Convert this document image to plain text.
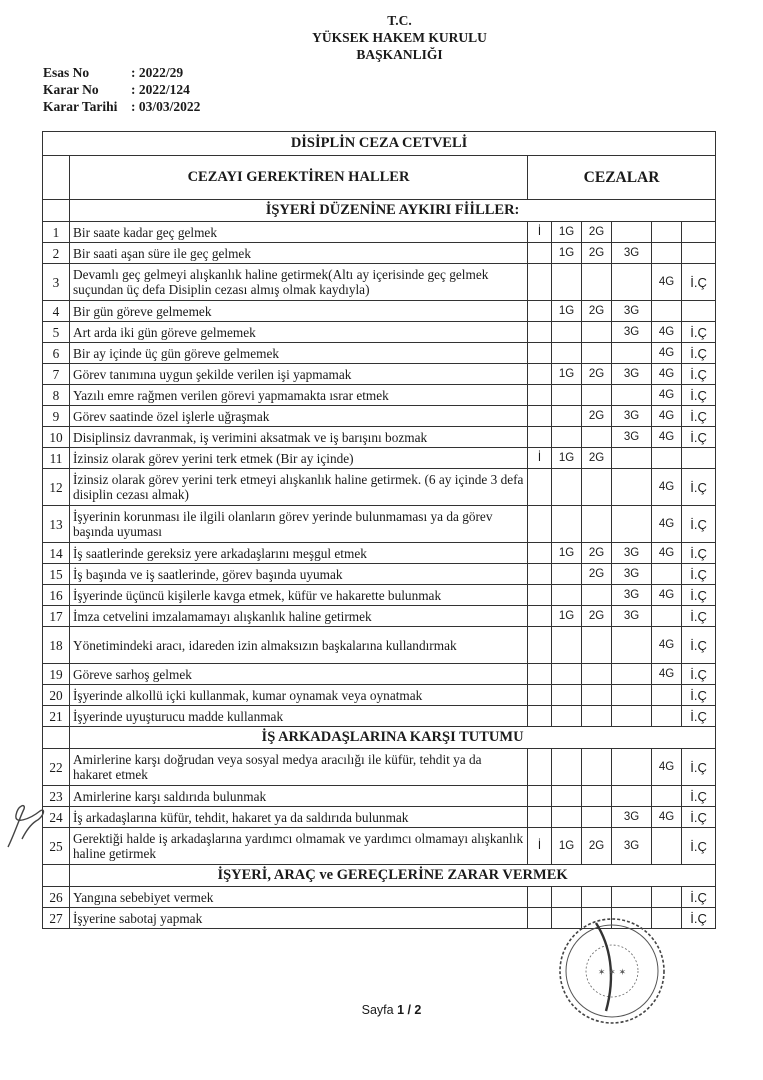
T.C.
YÜKSEK HAKEM KURULU
BAŞKANLIĞI
Esas No	: 2022/29
Karar No	: 2022/124
Karar Tarihi	: 03/03/2022
DİSİPLİN CEZA CETVELİ							
	CEZAYI GEREKTİREN HALLER	CEZALAR					
	İŞYERİ DÜZENİNE AYKIRI FİİLLER:						
1	Bir saate kadar geç gelmek	İ	1G	2G			
2	Bir saati aşan süre ile geç gelmek		1G	2G	3G		
3	Devamlı geç gelmeyi alışkanlık haline getirmek(Altı ay içerisinde geç gelmek suçundan üç defa Disiplin cezası almış olmak kaydıyla)					4G	İ.Ç
4	Bir gün göreve gelmemek		1G	2G	3G		
5	Art arda iki gün göreve gelmemek				3G	4G	İ.Ç
6	Bir ay içinde üç gün göreve gelmemek					4G	İ.Ç
7	Görev tanımına uygun şekilde verilen işi yapmamak		1G	2G	3G	4G	İ.Ç
8	Yazılı emre rağmen verilen görevi yapmamakta ısrar etmek					4G	İ.Ç
9	Görev saatinde özel işlerle uğraşmak			2G	3G	4G	İ.Ç
10	Disiplinsiz davranmak, iş verimini aksatmak ve iş barışını bozmak				3G	4G	İ.Ç
11	İzinsiz olarak görev yerini terk etmek (Bir ay içinde)	İ	1G	2G			
12	İzinsiz olarak görev yerini terk etmeyi alışkanlık haline getirmek. (6 ay içinde 3 defa disiplin cezası almak)					4G	İ.Ç
13	İşyerinin korunması ile ilgili olanların görev yerinde bulunmaması ya da görev başında uyuması					4G	İ.Ç
14	İş saatlerinde gereksiz yere arkadaşlarını meşgul etmek		1G	2G	3G	4G	İ.Ç
15	İş başında ve iş saatlerinde, görev başında uyumak			2G	3G		İ.Ç
16	İşyerinde üçüncü kişilerle kavga etmek, küfür ve hakarette bulunmak				3G	4G	İ.Ç
17	İmza cetvelini imzalamamayı alışkanlık haline getirmek		1G	2G	3G		İ.Ç
18	Yönetimindeki aracı, idareden izin almaksızın başkalarına kullandırmak					4G	İ.Ç
19	Göreve sarhoş gelmek					4G	İ.Ç
20	İşyerinde alkollü içki kullanmak, kumar oynamak veya oynatmak						İ.Ç
21	İşyerinde uyuşturucu madde kullanmak						İ.Ç
	İŞ ARKADAŞLARINA KARŞI TUTUMU						
22	Amirlerine karşı doğrudan veya sosyal medya aracılığı ile küfür, tehdit ya da hakaret etmek					4G	İ.Ç
23	Amirlerine karşı saldırıda bulunmak						İ.Ç
24	İş arkadaşlarına küfür, tehdit, hakaret ya da saldırıda bulunmak				3G	4G	İ.Ç
25	Gerektiği halde iş arkadaşlarına yardımcı olmamak ve yardımcı olmamayı alışkanlık haline getirmek	İ	1G	2G	3G		İ.Ç
	İŞYERİ, ARAÇ ve GEREÇLERİNE ZARAR VERMEK						
26	Yangına sebebiyet vermek						İ.Ç
27	İşyerine sabotaj yapmak						İ.Ç
✶ ✶ ✶
Sayfa 1 / 2
